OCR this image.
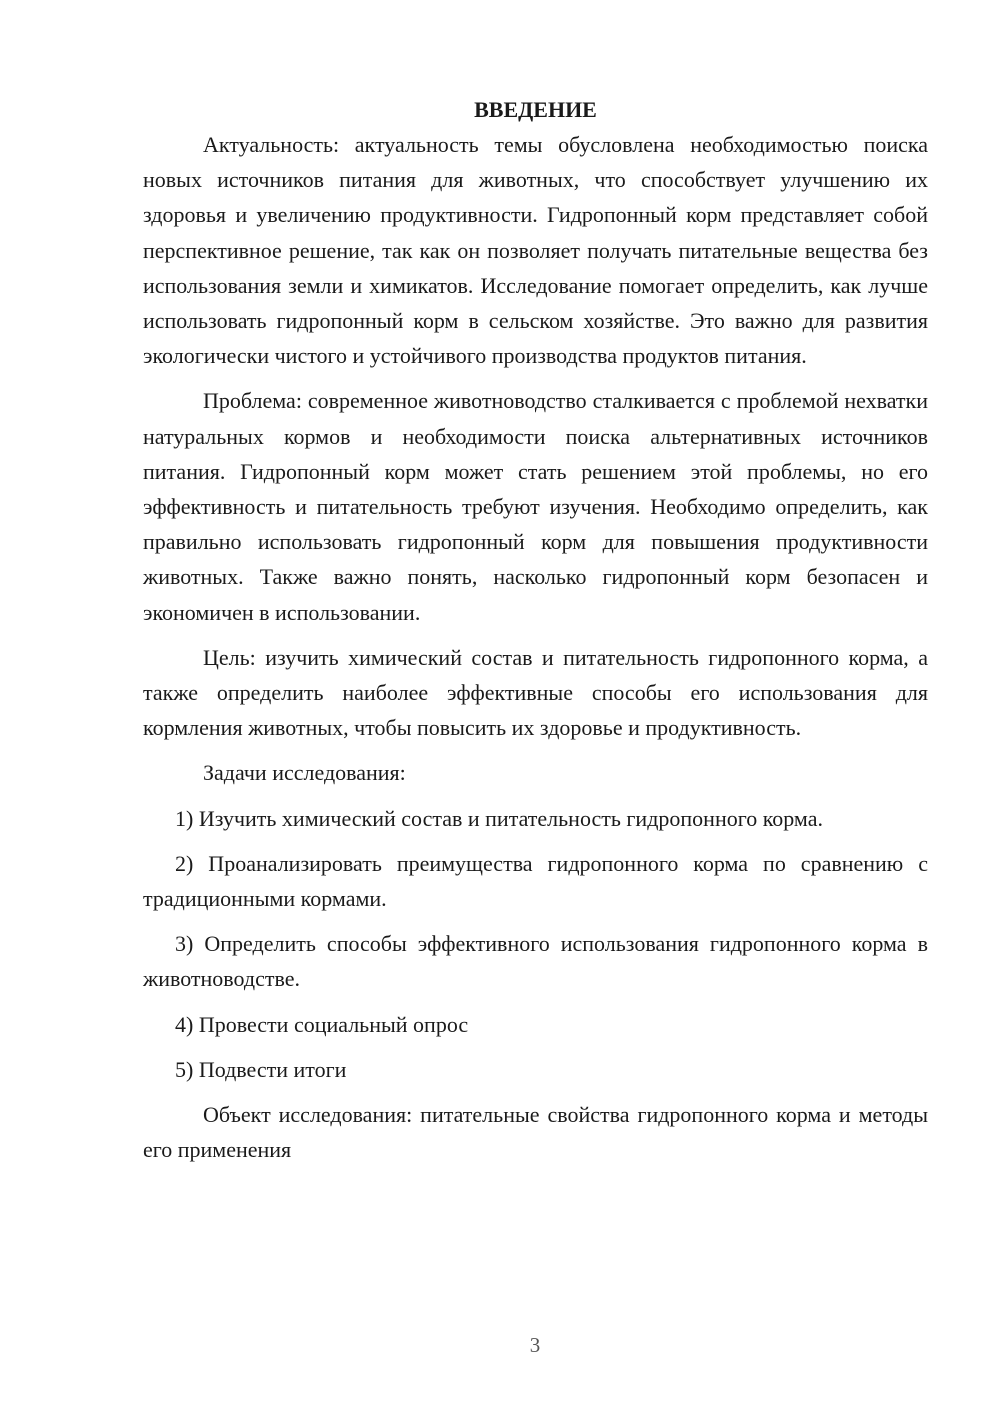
ВВЕДЕНИЕ

Актуальность: актуальность темы обусловлена необходимостью поиска новых источников питания для животных, что способствует улучшению их здоровья и увеличению продуктивности. Гидропонный корм представляет собой перспективное решение, так как он позволяет получать питательные вещества без использования земли и химикатов. Исследование помогает определить, как лучше использовать гидропонный корм в сельском хозяйстве. Это важно для развития экологически чистого и устойчивого производства продуктов питания.

Проблема: современное животноводство сталкивается с проблемой нехватки натуральных кормов и необходимости поиска альтернативных источников питания. Гидропонный корм может стать решением этой проблемы, но его эффективность и питательность требуют изучения. Необходимо определить, как правильно использовать гидропонный корм для повышения продуктивности животных. Также важно понять, насколько гидропонный корм безопасен и экономичен в использовании.

Цель: изучить химический состав и питательность гидропонного корма, а также определить наиболее эффективные способы его использования для кормления животных, чтобы повысить их здоровье и продуктивность.

Задачи исследования:

1) Изучить химический состав и питательность гидропонного корма.

2) Проанализировать преимущества гидропонного корма по сравнению с традиционными кормами.

3) Определить способы эффективного использования гидропонного корма в животноводстве.

4) Провести социальный опрос

5) Подвести итоги

Объект исследования: питательные свойства гидропонного корма и методы его применения

3
